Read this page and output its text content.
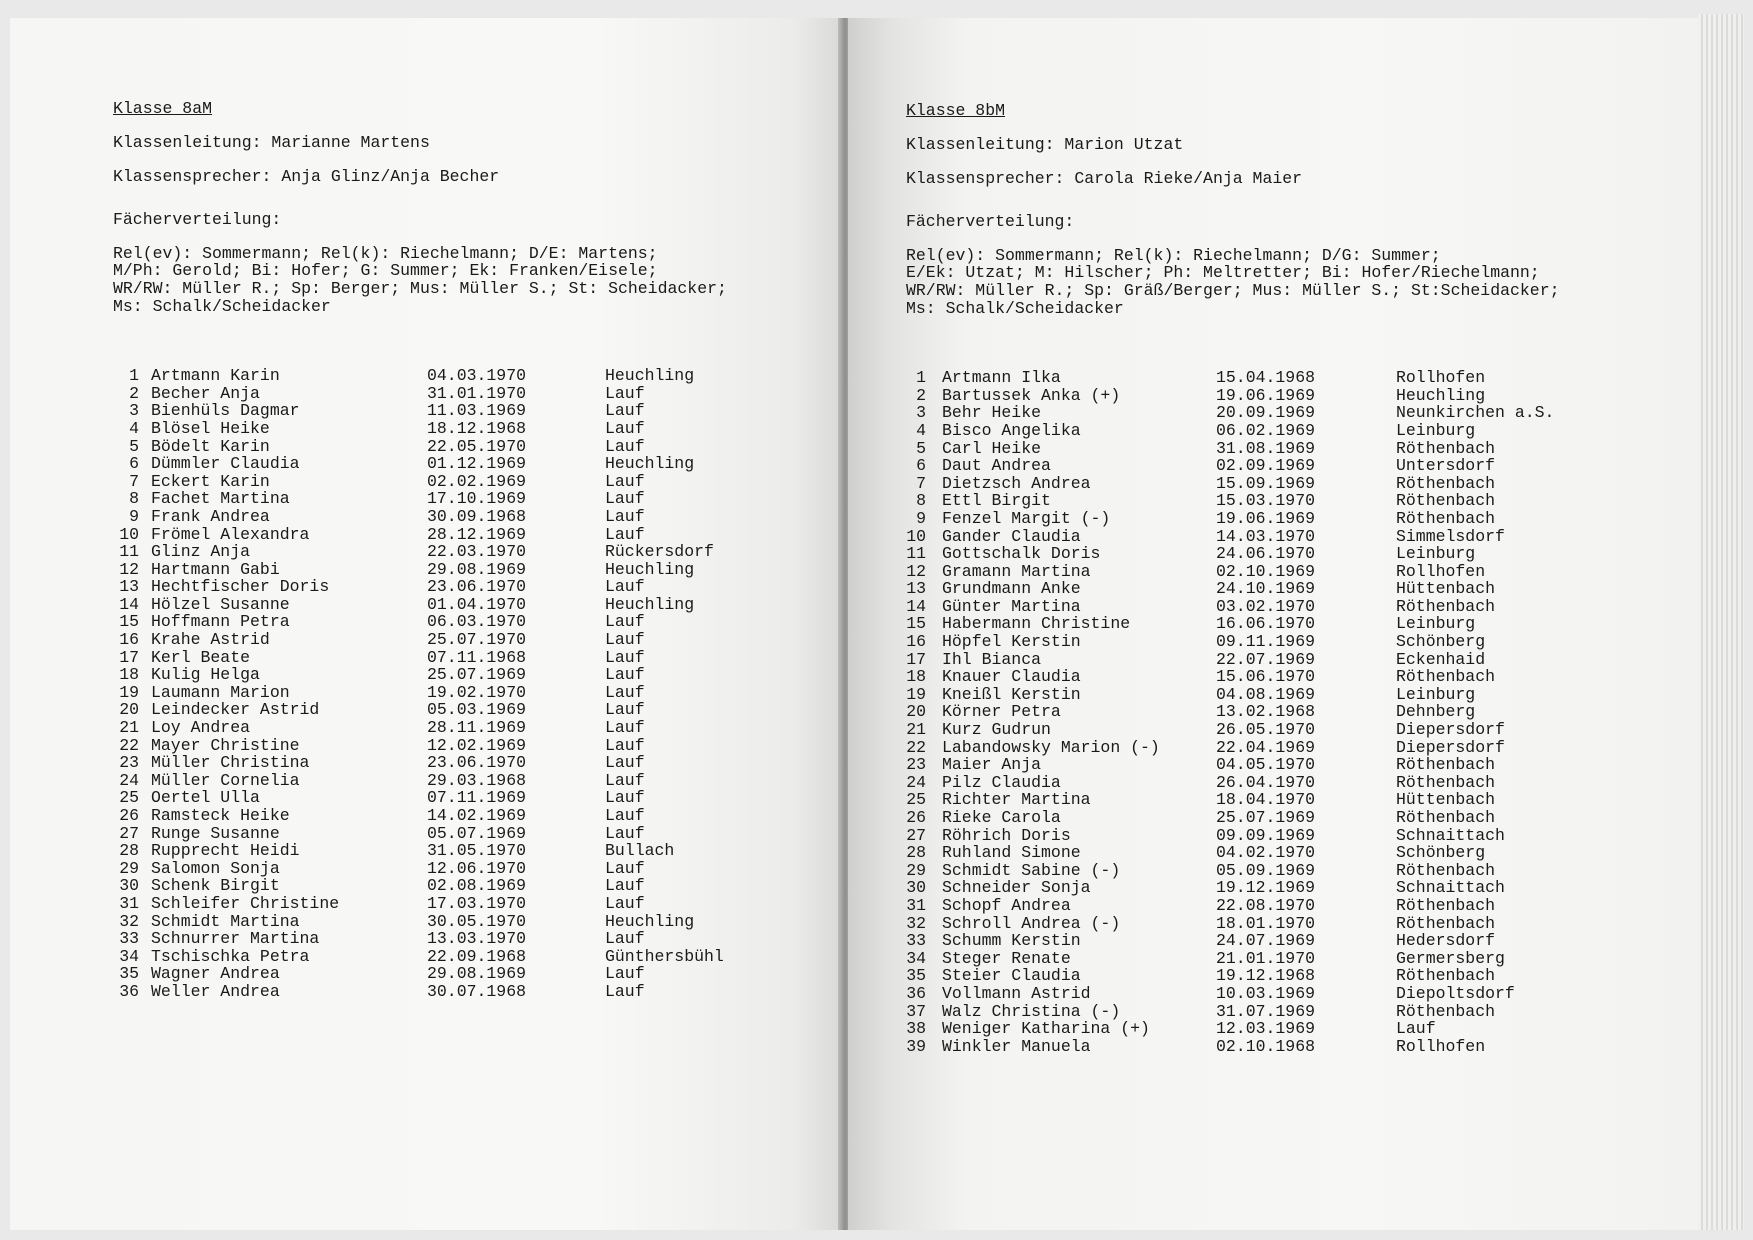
Klasse 8aM
Klassenleitung: Marianne Martens
Klassensprecher: Anja Glinz/Anja Becher
Fächerverteilung:
Rel(ev): Sommermann; Rel(k): Riechelmann; D/E: Martens;
M/Ph: Gerold; Bi: Hofer; G: Summer; Ek: Franken/Eisele;
WR/RW: Müller R.; Sp: Berger; Mus: Müller S.; St: Scheidacker;
Ms: Schalk/Scheidacker
1 Artmann Karin	04.03.1970	Heuchling
2 Becher Anja	31.01.1970	Lauf
3 Bienhüls Dagmar	11.03.1969	Lauf
4 Blösel Heike	18.12.1968	Lauf
5 Bödelt Karin	22.05.1970	Lauf
6 Dümmler Claudia	01.12.1969	Heuchling
7 Eckert Karin	02.02.1969	Lauf
8 Fachet Martina	17.10.1969	Lauf
9 Frank Andrea	30.09.1968	Lauf
10 Frömel Alexandra	28.12.1969	Lauf
11 Glinz Anja	22.03.1970	Rückersdorf
12 Hartmann Gabi	29.08.1969	Heuchling
13 Hechtfischer Doris	23.06.1970	Lauf
14 Hölzel Susanne	01.04.1970	Heuchling
15 Hoffmann Petra	06.03.1970	Lauf
16 Krahe Astrid	25.07.1970	Lauf
17 Kerl Beate	07.11.1968	Lauf
18 Kulig Helga	25.07.1969	Lauf
19 Laumann Marion	19.02.1970	Lauf
20 Leindecker Astrid	05.03.1969	Lauf
21 Loy Andrea	28.11.1969	Lauf
22 Mayer Christine	12.02.1969	Lauf
23 Müller Christina	23.06.1970	Lauf
24 Müller Cornelia	29.03.1968	Lauf
25 Oertel Ulla	07.11.1969	Lauf
26 Ramsteck Heike	14.02.1969	Lauf
27 Runge Susanne	05.07.1969	Lauf
28 Rupprecht Heidi	31.05.1970	Bullach
29 Salomon Sonja	12.06.1970	Lauf
30 Schenk Birgit	02.08.1969	Lauf
31 Schleifer Christine	17.03.1970	Lauf
32 Schmidt Martina	30.05.1970	Heuchling
33 Schnurrer Martina	13.03.1970	Lauf
34 Tschischka Petra	22.09.1968	Günthersbühl
35 Wagner Andrea	29.08.1969	Lauf
36 Weller Andrea	30.07.1968	Lauf
Klasse 8bM
Klassenleitung: Marion Utzat
Klassensprecher: Carola Rieke/Anja Maier
Fächerverteilung:
Rel(ev): Sommermann; Rel(k): Riechelmann; D/G: Summer;
E/Ek: Utzat; M: Hilscher; Ph: Meltretter; Bi: Hofer/Riechelmann;
WR/RW: Müller R.; Sp: Gräß/Berger; Mus: Müller S.; St:Scheidacker;
Ms: Schalk/Scheidacker
1 Artmann Ilka	15.04.1968	Rollhofen
2 Bartussek Anka (+)	19.06.1969	Heuchling
3 Behr Heike	20.09.1969	Neunkirchen a.S.
4 Bisco Angelika	06.02.1969	Leinburg
5 Carl Heike	31.08.1969	Röthenbach
6 Daut Andrea	02.09.1969	Untersdorf
7 Dietzsch Andrea	15.09.1969	Röthenbach
8 Ettl Birgit	15.03.1970	Röthenbach
9 Fenzel Margit (-)	19.06.1969	Röthenbach
10 Gander Claudia	14.03.1970	Simmelsdorf
11 Gottschalk Doris	24.06.1970	Leinburg
12 Gramann Martina	02.10.1969	Rollhofen
13 Grundmann Anke	24.10.1969	Hüttenbach
14 Günter Martina	03.02.1970	Röthenbach
15 Habermann Christine	16.06.1970	Leinburg
16 Höpfel Kerstin	09.11.1969	Schönberg
17 Ihl Bianca	22.07.1969	Eckenhaid
18 Knauer Claudia	15.06.1970	Röthenbach
19 Kneißl Kerstin	04.08.1969	Leinburg
20 Körner Petra	13.02.1968	Dehnberg
21 Kurz Gudrun	26.05.1970	Diepersdorf
22 Labandowsky Marion (-)	22.04.1969	Diepersdorf
23 Maier Anja	04.05.1970	Röthenbach
24 Pilz Claudia	26.04.1970	Röthenbach
25 Richter Martina	18.04.1970	Hüttenbach
26 Rieke Carola	25.07.1969	Röthenbach
27 Röhrich Doris	09.09.1969	Schnaittach
28 Ruhland Simone	04.02.1970	Schönberg
29 Schmidt Sabine (-)	05.09.1969	Röthenbach
30 Schneider Sonja	19.12.1969	Schnaittach
31 Schopf Andrea	22.08.1970	Röthenbach
32 Schroll Andrea (-)	18.01.1970	Röthenbach
33 Schumm Kerstin	24.07.1969	Hedersdorf
34 Steger Renate	21.01.1970	Germersberg
35 Steier Claudia	19.12.1968	Röthenbach
36 Vollmann Astrid	10.03.1969	Diepoltsdorf
37 Walz Christina (-)	31.07.1969	Röthenbach
38 Weniger Katharina (+)	12.03.1969	Lauf
39 Winkler Manuela	02.10.1968	Rollhofen
